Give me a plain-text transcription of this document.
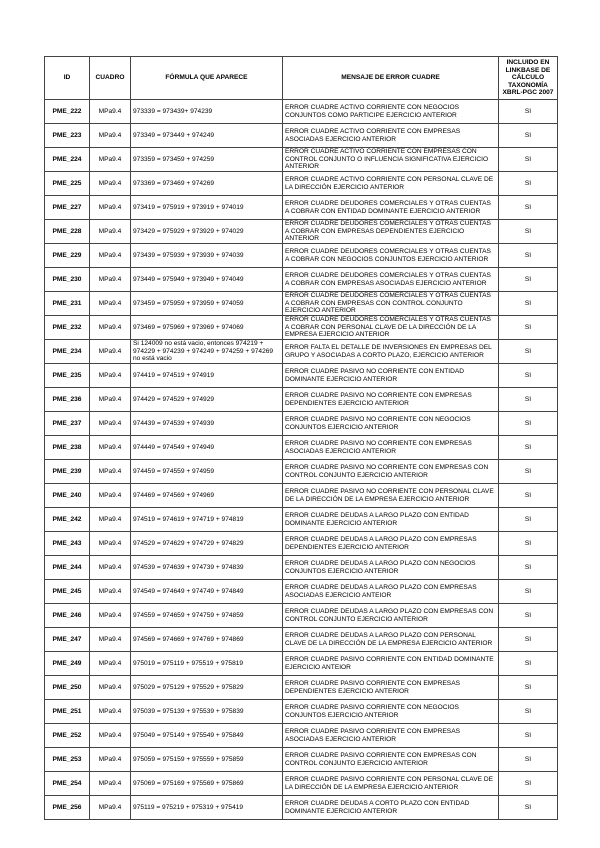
ID	CUADRO	FÓRMULA QUE APARECE	MENSAJE DE ERROR CUADRE	INCLUIDO EN LINKBASE DE CÁLCULO TAXONOMÍA XBRL-PGC 2007
PME_222	MPa9.4	973339 = 973439+ 974239	ERROR CUADRE ACTIVO CORRIENTE CON NEGOCIOS CONJUNTOS COMO PARTICIPE EJERCICIO ANTERIOR	SI
PME_223	MPa9.4	973349 = 973449 + 974249	ERROR CUADRE ACTIVO CORRIENTE CON EMPRESAS ASOCIADAS EJERCICIO ANTERIOR	SI
PME_224	MPa9.4	973359 = 973459 + 974259	ERROR CUADRE ACTIVO CORRIENTE CON EMPRESAS CON CONTROL CONJUNTO O INFLUENCIA SIGNIFICATIVA EJERCICIO ANTERIOR	SI
PME_225	MPa9.4	973369 = 973469 + 974269	ERROR CUADRE ACTIVO CORRIENTE CON PERSONAL CLAVE DE LA DIRECCIÓN EJERCICIO ANTERIOR	SI
PME_227	MPa9.4	973419 = 975919 + 973919 + 974019	ERROR CUADRE DEUDORES COMERCIALES Y OTRAS CUENTAS A COBRAR CON ENTIDAD DOMINANTE EJERCICIO ANTERIOR	SI
PME_228	MPa9.4	973429 = 975929 + 973929 + 974029	ERROR CUADRE DEUDORES COMERCIALES Y OTRAS CUENTAS A COBRAR CON EMPRESAS DEPENDIENTES EJERCICIO ANTERIOR	SI
PME_229	MPa9.4	973439 = 975939 + 973939 + 974039	ERROR CUADRE DEUDORES COMERCIALES Y OTRAS CUENTAS A COBRAR CON NEGOCIOS CONJUNTOS EJERCICIO ANTERIOR	SI
PME_230	MPa9.4	973449 = 975949 + 973949 + 974049	ERROR CUADRE DEUDORES COMERCIALES Y OTRAS CUENTAS A COBRAR CON EMPRESAS ASOCIADAS EJERCICIO ANTERIOR	SI
PME_231	MPa9.4	973459 = 975959 + 973959 + 974059	ERROR CUADRE DEUDORES COMERCIALES Y OTRAS CUENTAS A COBRAR CON EMPRESAS CON CONTROL CONJUNTO EJERCICIO ANTERIOR	SI
PME_232	MPa9.4	973469 = 975969 + 973969 + 974069	ERROR CUADRE DEUDORES COMERCIALES Y OTRAS CUENTAS A COBRAR CON PERSONAL CLAVE DE LA DIRECCIÓN DE LA EMPRESA EJERCICIO ANTERIOR	SI
PME_234	MPa9.4	Si 124009 no está vacio, entonces 974219 + 974229 + 974239 + 974249 + 974259 + 974269 no está vacio	ERROR FALTA EL DETALLE DE INVERSIONES EN EMPRESAS DEL GRUPO Y ASOCIADAS A CORTO PLAZO, EJERCICIO ANTERIOR	SI
PME_235	MPa9.4	974419 = 974519 + 974919	ERROR CUADRE PASIVO NO CORRIENTE CON ENTIDAD DOMINANTE EJERCICIO ANTERIOR	SI
PME_236	MPa9.4	974429 = 974529 + 974929	ERROR CUADRE PASIVO NO CORRIENTE CON EMPRESAS DEPENDIENTES EJERCICIO ANTERIOR	SI
PME_237	MPa9.4	974439 = 974539 + 974939	ERROR CUADRE PASIVO NO CORRIENTE CON NEGOCIOS CONJUNTOS EJERCICIO ANTERIOR	SI
PME_238	MPa9.4	974449 = 974549 + 974949	ERROR CUADRE PASIVO NO CORRIENTE CON EMPRESAS ASOCIADAS EJERCICIO ANTERIOR	SI
PME_239	MPa9.4	974459 = 974559 + 974959	ERROR CUADRE PASIVO NO CORRIENTE CON EMPRESAS CON CONTROL CONJUNTO EJERCICIO ANTERIOR	SI
PME_240	MPa9.4	974469 = 974569 + 974969	ERROR CUADRE PASIVO NO CORRIENTE CON PERSONAL CLAVE DE LA DIRECCIÓN DE LA EMPRESA EJERCICIO ANTERIOR	SI
PME_242	MPa9.4	974519 = 974619 + 974719 + 974819	ERROR CUADRE DEUDAS A LARGO PLAZO CON ENTIDAD DOMINANTE EJERCICIO ANTERIOR	SI
PME_243	MPa9.4	974529 = 974629 + 974729 + 974829	ERROR CUADRE DEUDAS A LARGO PLAZO CON EMPRESAS DEPENDIENTES EJERCICIO ANTERIOR	SI
PME_244	MPa9.4	974539 = 974639 + 974739 + 974839	ERROR CUADRE DEUDAS A LARGO PLAZO CON NEGOCIOS CONJUNTOS EJERCICIO ANTERIOR	SI
PME_245	MPa9.4	974549 = 974649 + 974749 + 974849	ERROR CUADRE DEUDAS A LARGO PLAZO CON EMPRESAS ASOCIADAS EJERCICIO ANTEIOR	SI
PME_246	MPa9.4	974559 = 974659 + 974759 + 974859	ERROR CUADRE DEUDAS A LARGO PLAZO CON EMPRESAS CON CONTROL CONJUNTO EJERCICIO ANTERIOR	SI
PME_247	MPa9.4	974569 = 974669 + 974769 + 974869	ERROR CUADRE DEUDAS A LARGO PLAZO CON PERSONAL CLAVE DE LA DIRECCIÓN DE LA EMPRESA EJERCICIO ANTERIOR	SI
PME_249	MPa9.4	975019 = 975119 + 975519 + 975819	ERROR CUADRE PASIVO CORRIENTE CON ENTIDAD DOMINANTE EJERCICIO ANTEIOR	SI
PME_250	MPa9.4	975029 = 975129 + 975529 + 975829	ERROR CUADRE PASIVO CORRIENTE CON EMPRESAS DEPENDIENTES EJERCICIO ANTERIOR	SI
PME_251	MPa9.4	975039 = 975139 + 975539 + 975839	ERROR CUADRE PASIVO CORRIENTE CON NEGOCIOS CONJUNTOS EJERCICIO ANTERIOR	SI
PME_252	MPa9.4	975049 = 975149 + 975549 + 975849	ERROR CUADRE PASIVO CORRIENTE CON EMPRESAS ASOCIADAS EJERCICIO ANTERIOR	SI
PME_253	MPa9.4	975059 = 975159 + 975559 + 975859	ERROR CUADRE PASIVO CORRIENTE CON EMPRESAS CON CONTROL CONJUNTO EJERCICIO ANTERIOR	SI
PME_254	MPa9.4	975069 = 975169 + 975569 + 975869	ERROR CUADRE PASIVO CORRIENTE CON PERSONAL CLAVE DE LA DIRECCIÓN DE LA EMPRESA EJERCICIO ANTERIOR	SI
PME_256	MPa9.4	975119 = 975219 + 975319 + 975419	ERROR CUADRE DEUDAS A CORTO PLAZO CON ENTIDAD DOMINANTE EJERCICIO ANTERIOR	SI
